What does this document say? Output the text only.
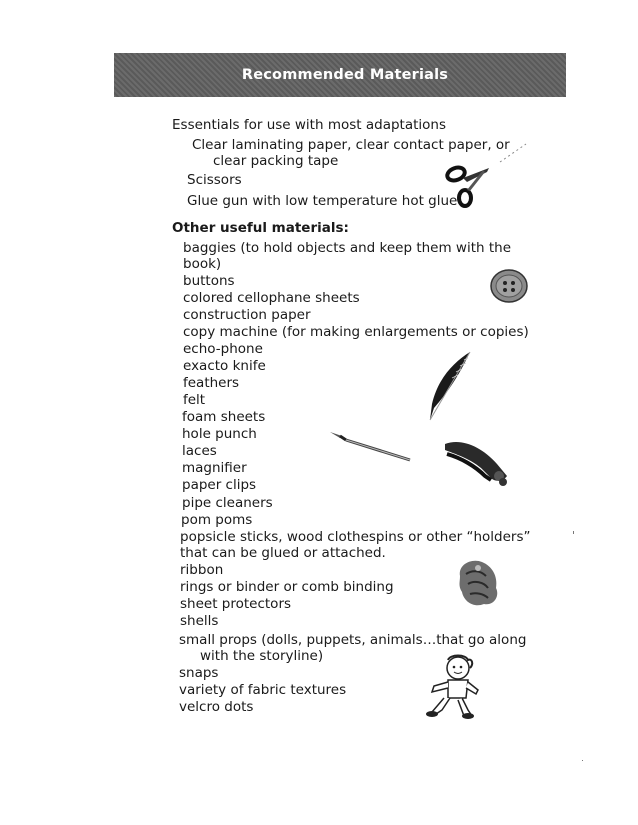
Recommended Materials
Essentials for use with most adaptations
Clear laminating paper, clear contact paper, or
clear packing tape
Scissors
Glue gun with low temperature hot glue
Other useful materials:
baggies (to hold objects and keep them with the
book)
buttons
colored cellophane sheets
construction paper
copy machine (for making enlargements or copies)
echo-phone
exacto knife
feathers
felt
foam sheets
hole punch
laces
magnifier
paper clips
pipe cleaners
pom poms
popsicle sticks, wood clothespins or other “holders”
that can be glued or attached.
ribbon
rings or binder or comb binding
sheet protectors
shells
small props (dolls, puppets, animals…that go along
with the storyline)
snaps
variety of fabric textures
velcro dots
